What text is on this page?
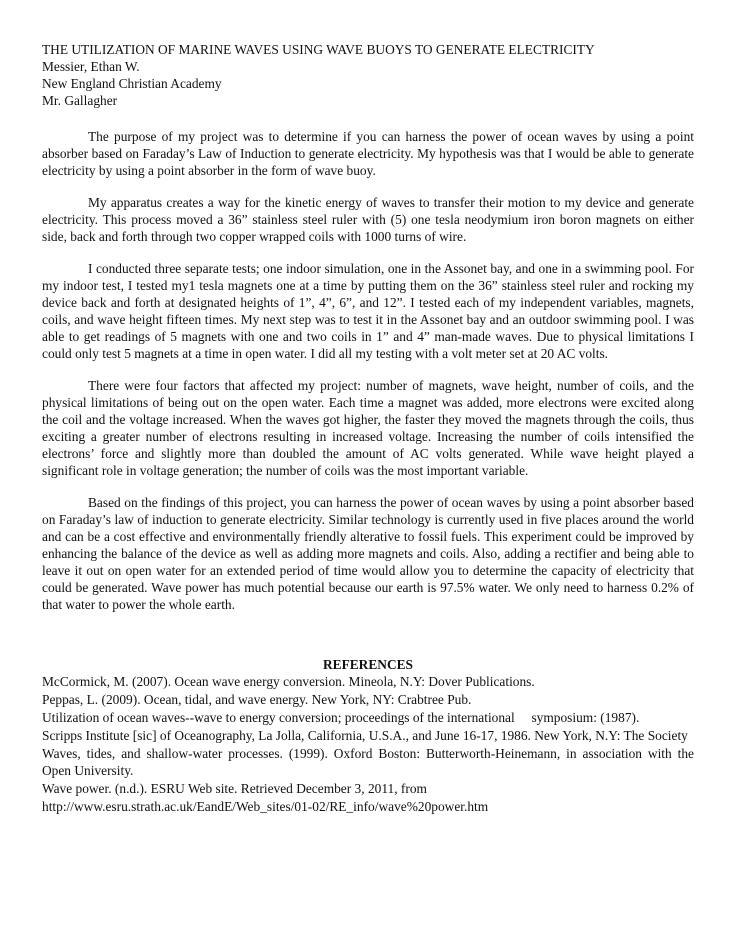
THE UTILIZATION OF MARINE WAVES USING WAVE BUOYS TO GENERATE ELECTRICITY

Messier, Ethan W.

New England Christian Academy

Mr. Gallagher

The purpose of my project was to determine if you can harness the power of ocean waves by using a point absorber based on Faraday’s Law of Induction to generate electricity. My hypothesis was that I would be able to generate electricity by using a point absorber in the form of wave buoy.

My apparatus creates a way for the kinetic energy of waves to transfer their motion to my device and generate electricity. This process moved a 36” stainless steel ruler with (5) one tesla neodymium iron boron magnets on either side, back and forth through two copper wrapped coils with 1000 turns of wire.

I conducted three separate tests; one indoor simulation, one in the Assonet bay, and one in a swimming pool. For my indoor test, I tested my1 tesla magnets one at a time by putting them on the 36” stainless steel ruler and rocking my device back and forth at designated heights of 1”, 4”, 6”, and 12”. I tested each of my independent variables, magnets, coils, and wave height fifteen times. My next step was to test it in the Assonet bay and an outdoor swimming pool. I was able to get readings of 5 magnets with one and two coils in 1” and 4” man-made waves. Due to physical limitations I could only test 5 magnets at a time in open water. I did all my testing with a volt meter set at 20 AC volts.

There were four factors that affected my project: number of magnets, wave height, number of coils, and the physical limitations of being out on the open water. Each time a magnet was added, more electrons were excited along the coil and the voltage increased. When the waves got higher, the faster they moved the magnets through the coils, thus exciting a greater number of electrons resulting in increased voltage. Increasing the number of coils intensified the electrons’ force and slightly more than doubled the amount of AC volts generated. While wave height played a significant role in voltage generation; the number of coils was the most important variable.

Based on the findings of this project, you can harness the power of ocean waves by using a point absorber based on Faraday’s law of induction to generate electricity. Similar technology is currently used in five places around the world and can be a cost effective and environmentally friendly alterative to fossil fuels. This experiment could be improved by enhancing the balance of the device as well as adding more magnets and coils. Also, adding a rectifier and being able to leave it out on open water for an extended period of time would allow you to determine the capacity of electricity that could be generated. Wave power has much potential because our earth is 97.5% water. We only need to harness 0.2% of that water to power the whole earth.

REFERENCES

McCormick, M. (2007). Ocean wave energy conversion. Mineola, N.Y: Dover Publications.

Peppas, L. (2009). Ocean, tidal, and wave energy. New York, NY: Crabtree Pub.

Utilization of ocean waves--wave to energy conversion; proceedings of the international     symposium: (1987).

Scripps Institute [sic] of Oceanography, La Jolla, California, U.S.A., and June 16-17, 1986. New York, N.Y: The Society

Waves, tides, and shallow-water processes. (1999). Oxford Boston: Butterworth-Heinemann, in association with the Open University.

Wave power. (n.d.). ESRU Web site. Retrieved December 3, 2011, from

http://www.esru.strath.ac.uk/EandE/Web_sites/01-02/RE_info/wave%20power.htm
